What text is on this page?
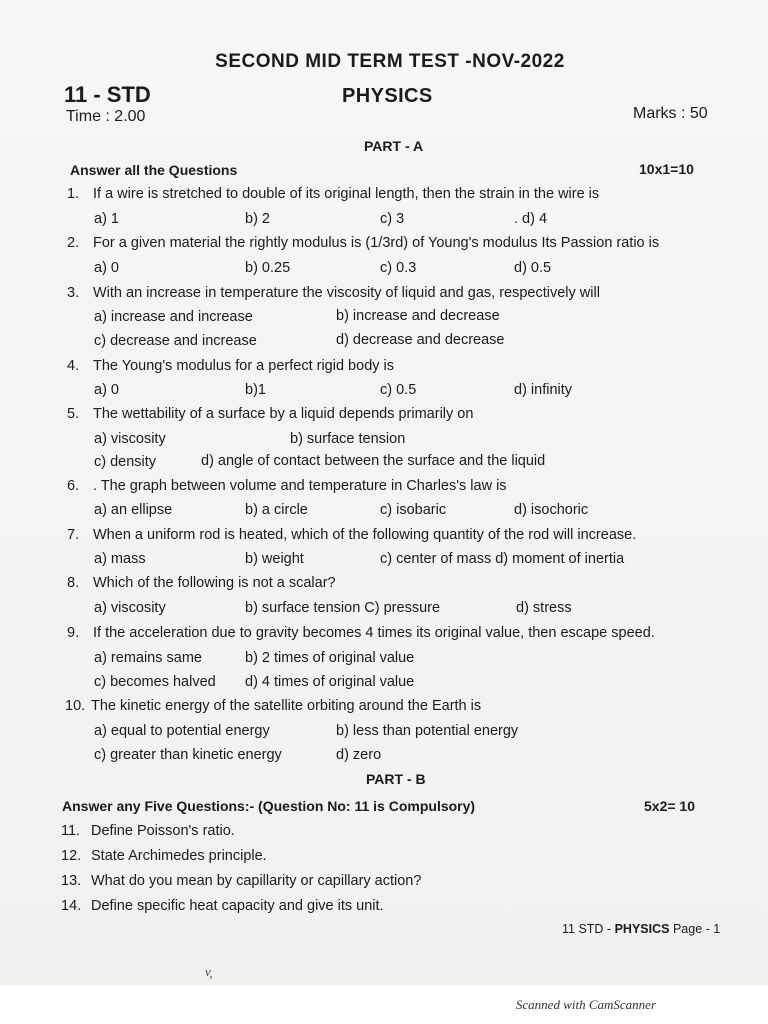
Scanned with CamScanner
SECOND MID TERM TEST -NOV-2022
11 - STD	PHYSICS
Time : 2.00	Marks : 50
PART - A
Answer all the Questions	10x1=10
1. If a wire is stretched to double of its original length, then the strain in the wire is
a) 1	b) 2	c) 3	. d) 4
2. For a given material the rightly modulus is (1/3rd) of Young's modulus Its Passion ratio is
a) 0	b) 0.25	c) 0.3	d) 0.5
3. With an increase in temperature the viscosity of liquid and gas, respectively will
a) increase and increase	b) increase and decrease
c) decrease and increase	d) decrease and decrease
4. The Young's modulus for a perfect rigid body is
a) 0	b)1	c) 0.5	d) infinity
5. The wettability of a surface by a liquid depends primarily on
a) viscosity	b) surface tension
c) density	d) angle of contact between the surface and the liquid
6. . The graph between volume and temperature in Charles's law is
a) an ellipse	b) a circle	c) isobaric	d) isochoric
7. When a uniform rod is heated, which of the following quantity of the rod will increase.
a) mass	b) weight	c) center of mass d) moment of inertia
8. Which of the following is not a scalar?
a) viscosity	b) surface tension C) pressure	d) stress
9. If the acceleration due to gravity becomes 4 times its original value, then escape speed.
a) remains same	b) 2 times of original value
c) becomes halved d) 4 times of original value
10. The kinetic energy of the satellite orbiting around the Earth is
a) equal to potential energy	b) less than potential energy
c) greater than kinetic energy	d) zero
PART - B
Answer any Five Questions:- (Question No: 11 is Compulsory)	5x2= 10
11. Define Poisson's ratio.
12. State Archimedes principle.
13. What do you mean by capillarity or capillary action?
14. Define specific heat capacity and give its unit.
11 STD - PHYSICS Page - 1
ν̧
